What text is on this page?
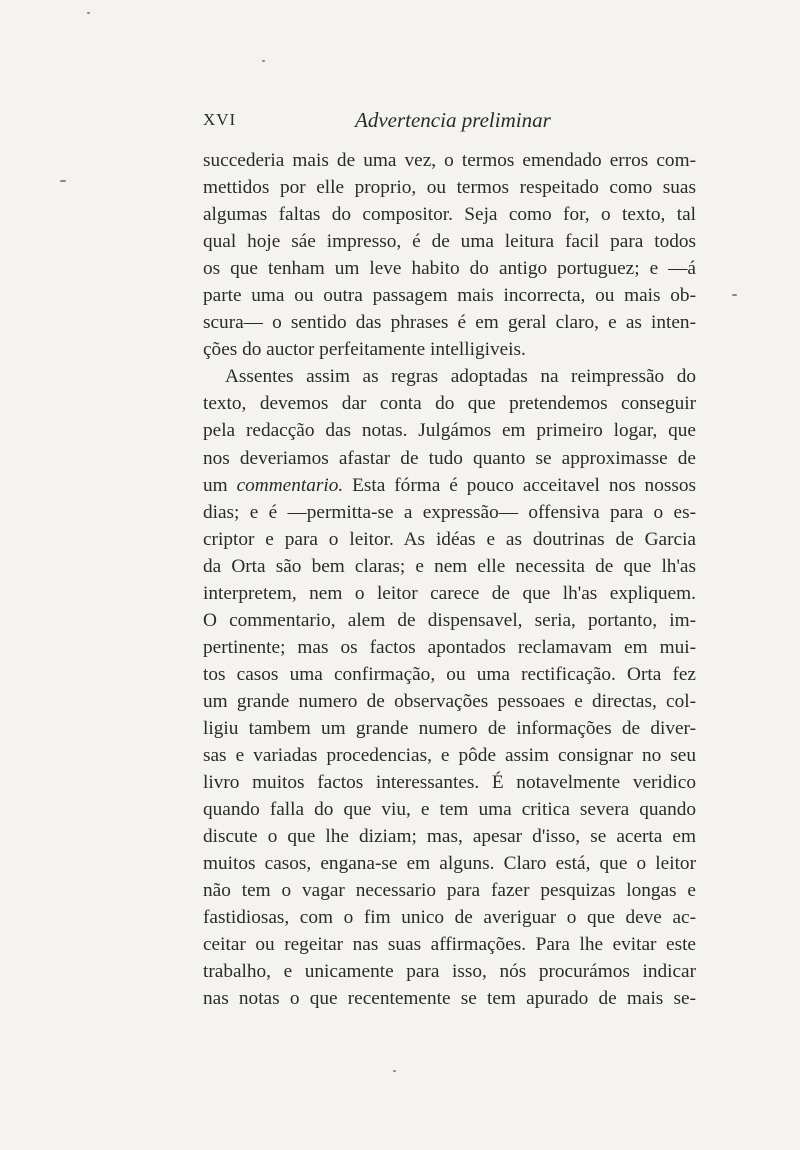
XVI	Advertencia preliminar
succederia mais de uma vez, o termos emendado erros com-
mettidos por elle proprio, ou termos respeitado como suas
algumas faltas do compositor. Seja como for, o texto, tal
qual hoje sáe impresso, é de uma leitura facil para todos
os que tenham um leve habito do antigo portuguez; e —á
parte uma ou outra passagem mais incorrecta, ou mais ob-
scura— o sentido das phrases é em geral claro, e as inten-
ções do auctor perfeitamente intelligiveis.
Assentes assim as regras adoptadas na reimpressão do
texto, devemos dar conta do que pretendemos conseguir
pela redacção das notas. Julgámos em primeiro logar, que
nos deveriamos afastar de tudo quanto se approximasse de
um commentario. Esta fórma é pouco acceitavel nos nossos
dias; e é —permitta-se a expressão— offensiva para o es-
criptor e para o leitor. As idéas e as doutrinas de Garcia
da Orta são bem claras; e nem elle necessita de que lh'as
interpretem, nem o leitor carece de que lh'as expliquem.
O commentario, alem de dispensavel, seria, portanto, im-
pertinente; mas os factos apontados reclamavam em mui-
tos casos uma confirmação, ou uma rectificação. Orta fez
um grande numero de observações pessoaes e directas, col-
ligiu tambem um grande numero de informações de diver-
sas e variadas procedencias, e pôde assim consignar no seu
livro muitos factos interessantes. É notavelmente veridico
quando falla do que viu, e tem uma critica severa quando
discute o que lhe diziam; mas, apesar d'isso, se acerta em
muitos casos, engana-se em alguns. Claro está, que o leitor
não tem o vagar necessario para fazer pesquizas longas e
fastidiosas, com o fim unico de averiguar o que deve ac-
ceitar ou regeitar nas suas affirmações. Para lhe evitar este
trabalho, e unicamente para isso, nós procurámos indicar
nas notas o que recentemente se tem apurado de mais se-
